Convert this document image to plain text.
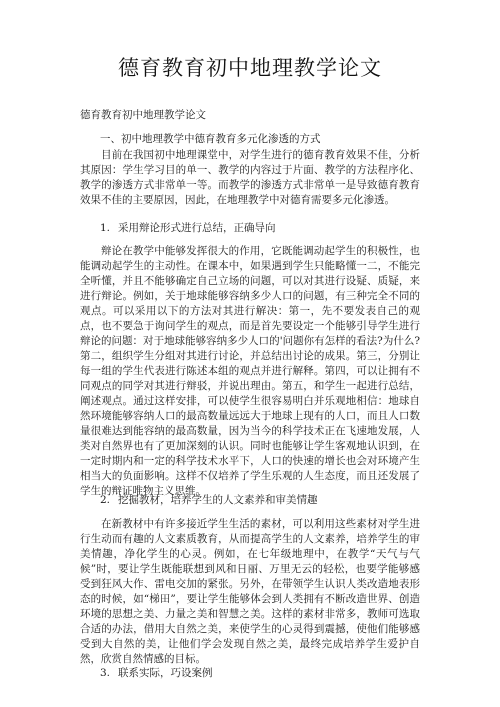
德育教育初中地理教学论文
德育教育初中地理教学论文
一、初中地理教学中德育教育多元化渗透的方式

目前在我国初中地理课堂中，对学生进行的德育教育效果不佳，分析其原因：学生学习目的单一、教学的内容过于片面、教学的方法程序化、教学的渗透方式非常单一等。而教学的渗透方式非常单一是导致德育教育效果不佳的主要原因，因此，在地理教学中对德育需要多元化渗透。

1. 采用辩论形式进行总结，正确导向

辩论在教学中能够发挥很大的作用，它既能调动起学生的积极性，也能调动起学生的主动性。在课本中，如果遇到学生只能略懂一二，不能完全听懂，并且不能够确定自己立场的问题，可以对其进行设疑、质疑，来进行辩论。例如，关于地球能够容纳多少人口的问题，有三种完全不同的观点。可以采用以下的方法对其进行解决：第一，先不要发表自己的观点，也不要急于询问学生的观点，而是首先要设定一个能够引导学生进行辩论的问题：对于地球能够容纳多少人口的'问题你有怎样的看法?为什么?第二，组织学生分组对其进行讨论，并总结出讨论的成果。第三，分别让每一组的学生代表进行陈述本组的观点并进行解释。第四，可以让拥有不同观点的同学对其进行辩驳，并说出理由。第五，和学生一起进行总结，阐述观点。通过这样安排，可以使学生很容易明白并乐观地相信：地球自然环境能够容纳人口的最高数量远远大于地球上现有的人口，而且人口数量很难达到能容纳的最高数量，因为当今的科学技术正在飞速地发展，人类对自然界也有了更加深刻的认识。同时也能够让学生客观地认识到，在一定时期内和一定的科学技术水平下，人口的快速的增长也会对环境产生相当大的负面影响。这样不仅培养了学生乐观的人生态度，而且还发展了学生的辩证唯物主义思维。

2. 挖掘教材，培养学生的人文素养和审美情趣

在新教材中有许多接近学生生活的素材，可以利用这些素材对学生进行生动而有趣的人文素质教育，从而提高学生的人文素养，培养学生的审美情趣，净化学生的心灵。例如，在七年级地理中，在教学“天气与气候”时，要让学生既能联想到风和日丽、万里无云的轻松，也要学能够感受到狂风大作、雷电交加的紧张。另外，在带领学生认识人类改造地表形态的时候，如“梯田”，要让学生能够体会到人类拥有不断改造世界、创造环境的思想之美、力量之美和智慧之美。这样的素材非常多，教师可选取合适的办法，借用大自然之美，来使学生的心灵得到震撼，使他们能够感受到大自然的美，让他们学会发现自然之美，最终完成培养学生爱护自然，欣赏自然情感的目标。

3. 联系实际，巧设案例
